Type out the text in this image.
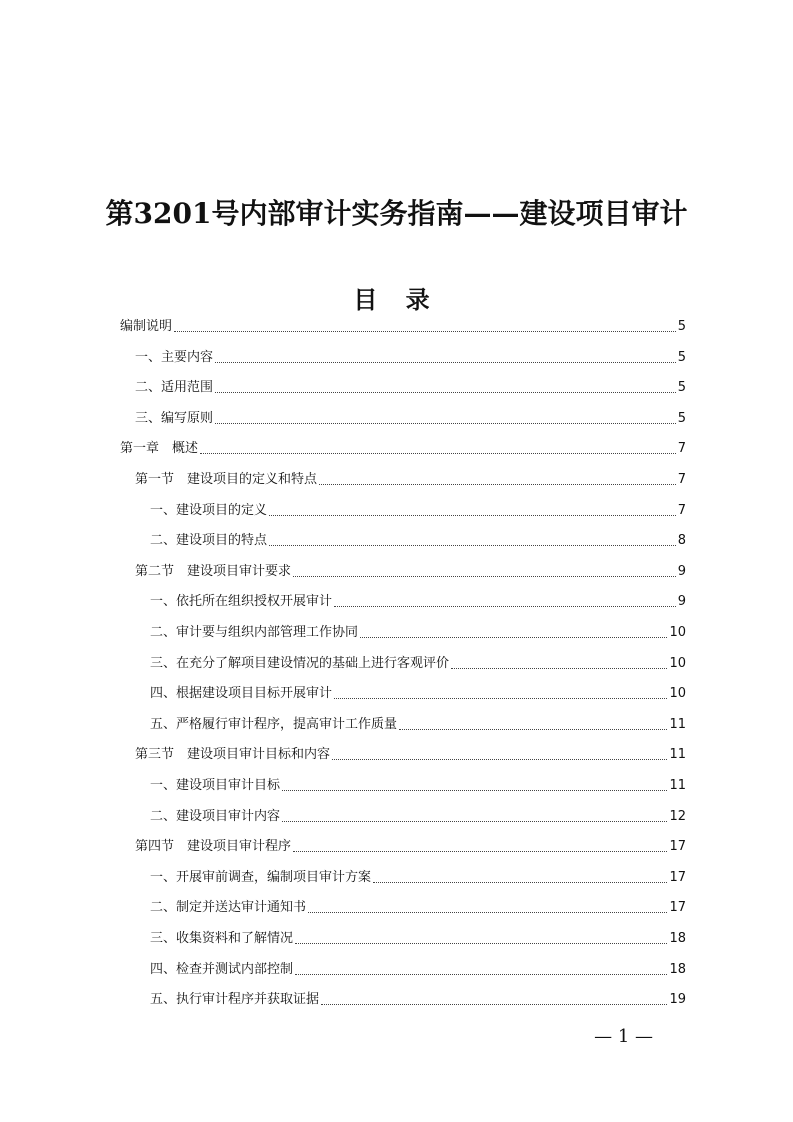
第3201号内部审计实务指南——建设项目审计
目 录
编制说明	5
一、主要内容	5
二、适用范围	5
三、编写原则	5
第一章　概述	7
第一节　建设项目的定义和特点	7
一、建设项目的定义	7
二、建设项目的特点	8
第二节　建设项目审计要求	9
一、依托所在组织授权开展审计	9
二、审计要与组织内部管理工作协同	10
三、在充分了解项目建设情况的基础上进行客观评价	10
四、根据建设项目目标开展审计	10
五、严格履行审计程序，提高审计工作质量	11
第三节　建设项目审计目标和内容	11
一、建设项目审计目标	11
二、建设项目审计内容	12
第四节　建设项目审计程序	17
一、开展审前调查，编制项目审计方案	17
二、制定并送达审计通知书	17
三、收集资料和了解情况	18
四、检查并测试内部控制	18
五、执行审计程序并获取证据	19
— 1 —
